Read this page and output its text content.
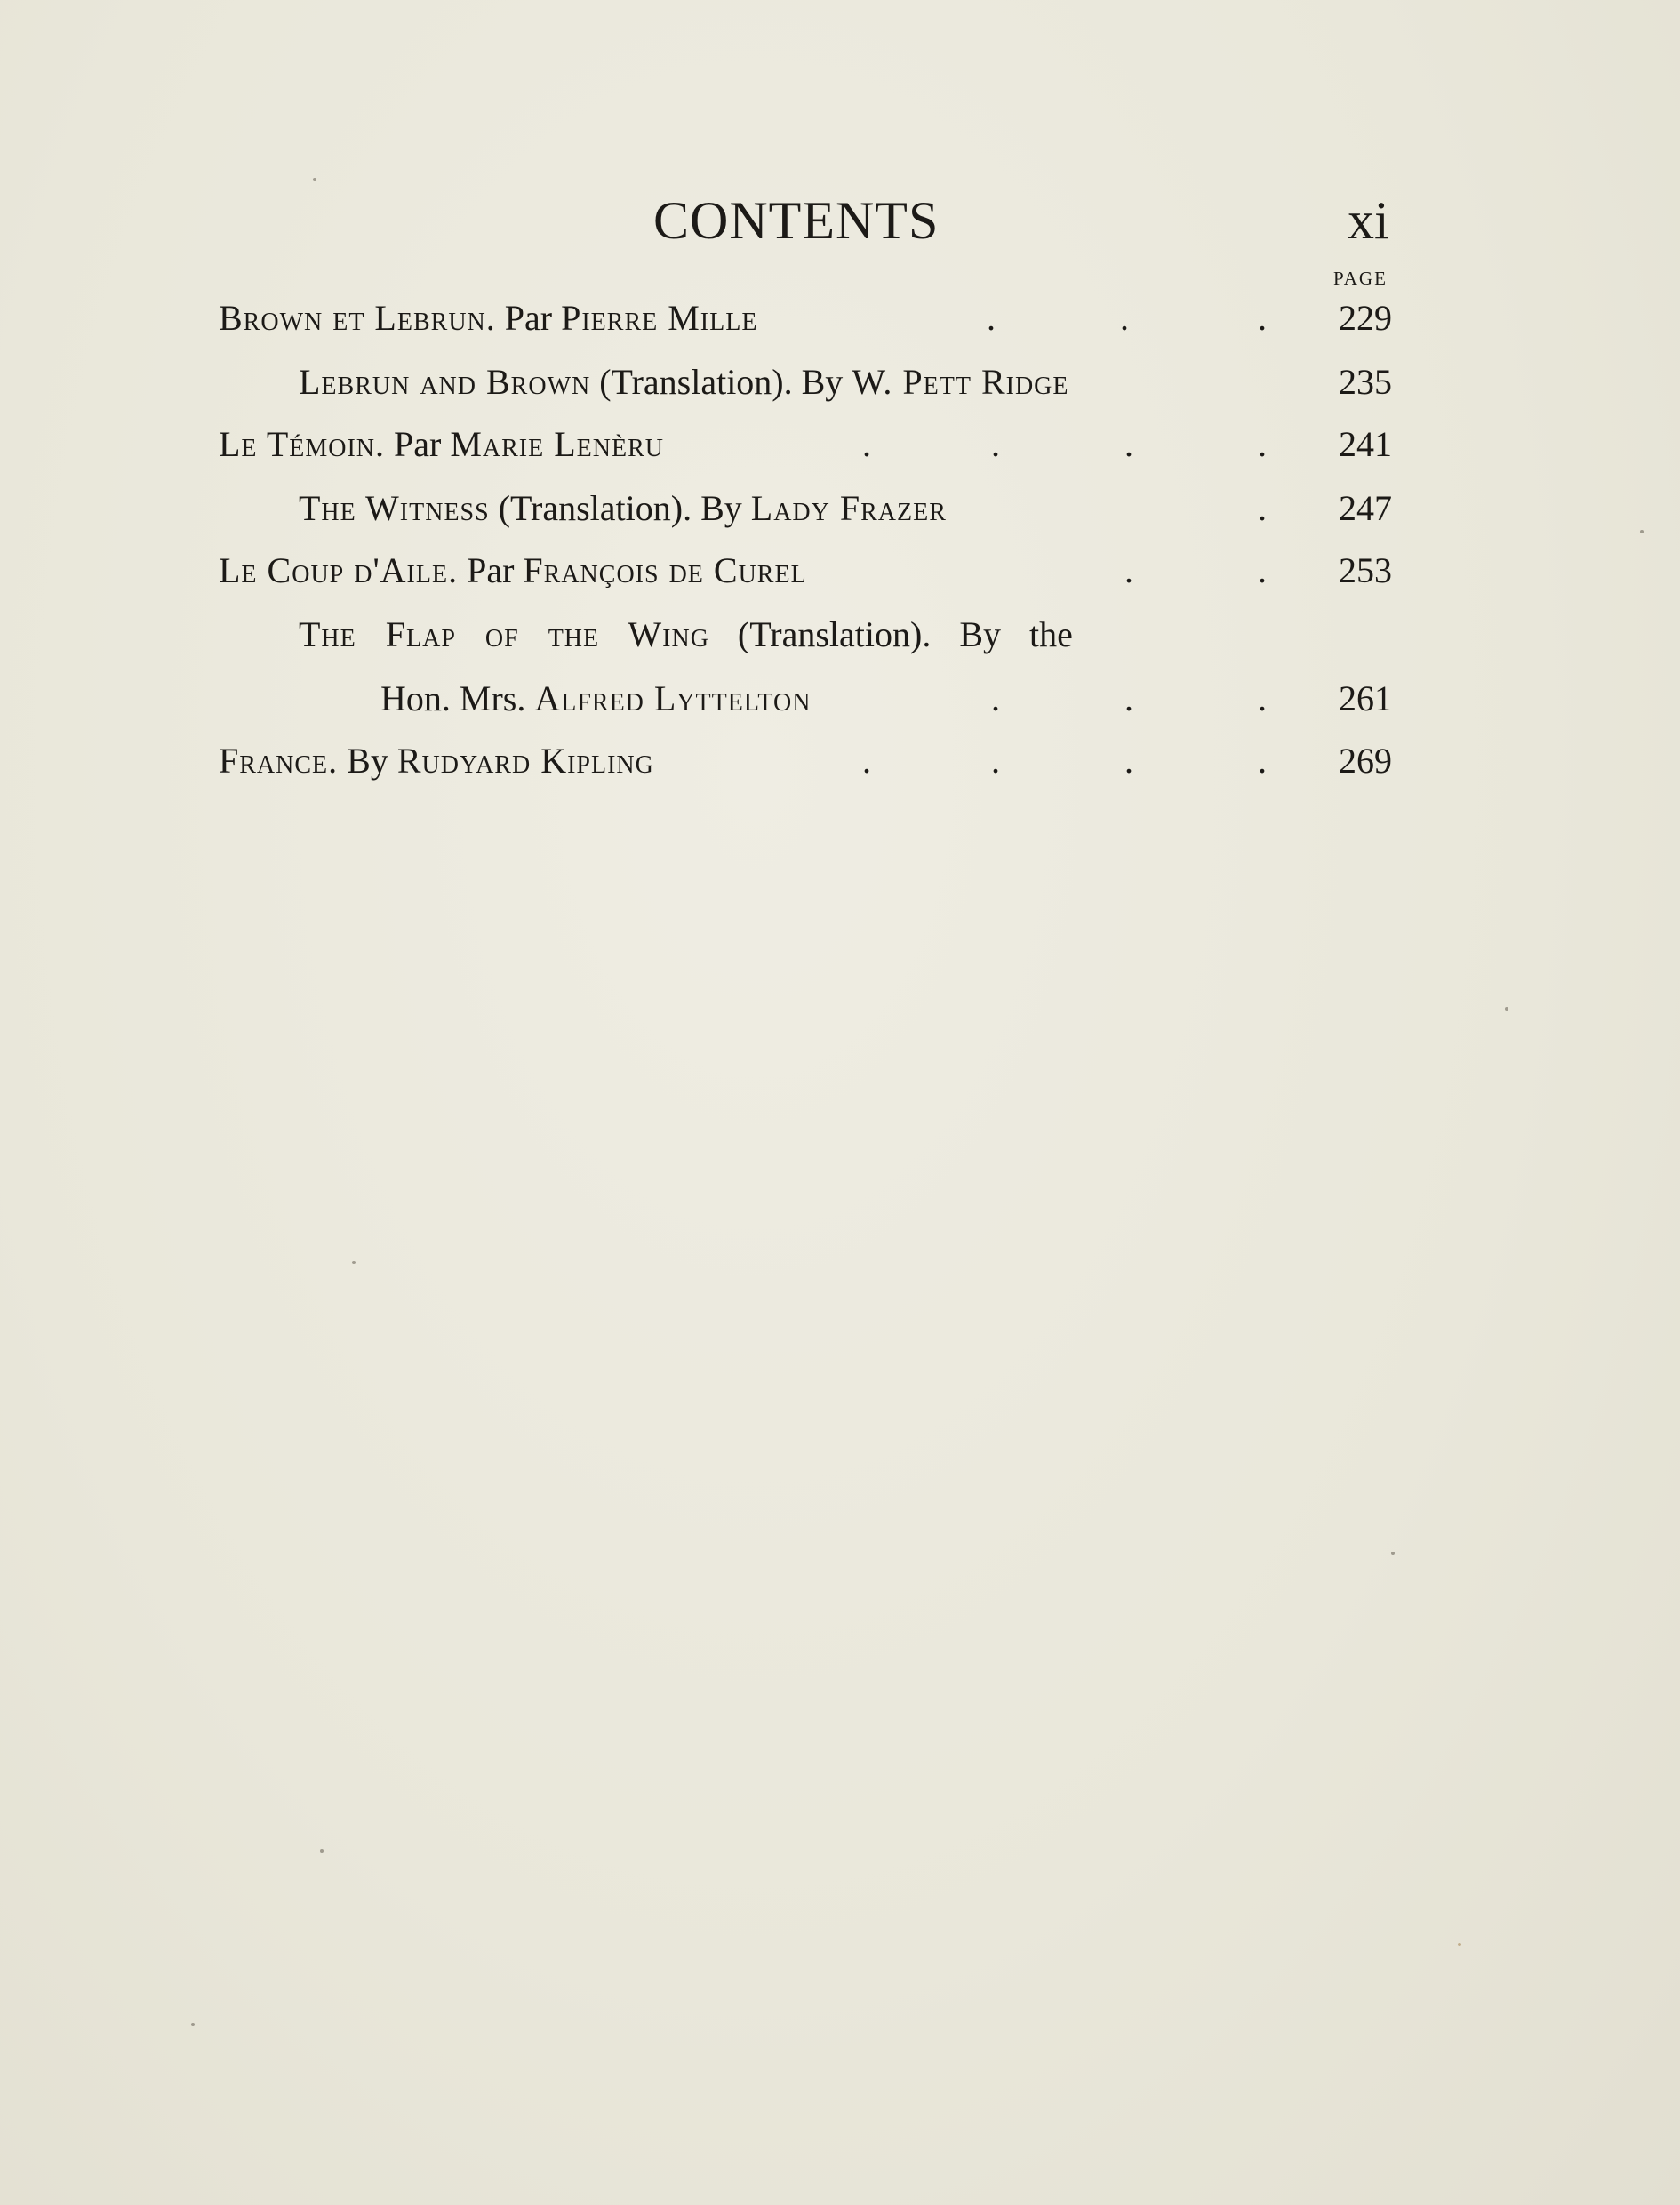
CONTENTS	xi
PAGE
Brown et Lebrun. Par Pierre Mille	.	.	. 229
Lebrun and Brown (Translation). By W. Pett Ridge	235
Le Témoin. Par Marie Lenèru	.	.	.	. 241
The Witness (Translation). By Lady Frazer	. 247
Le Coup d'Aile. Par François de Curel	.	. 253
The Flap of the Wing (Translation). By the
Hon. Mrs. Alfred Lyttelton	.	.	. 261
France. By Rudyard Kipling	.	.	.	. 269
